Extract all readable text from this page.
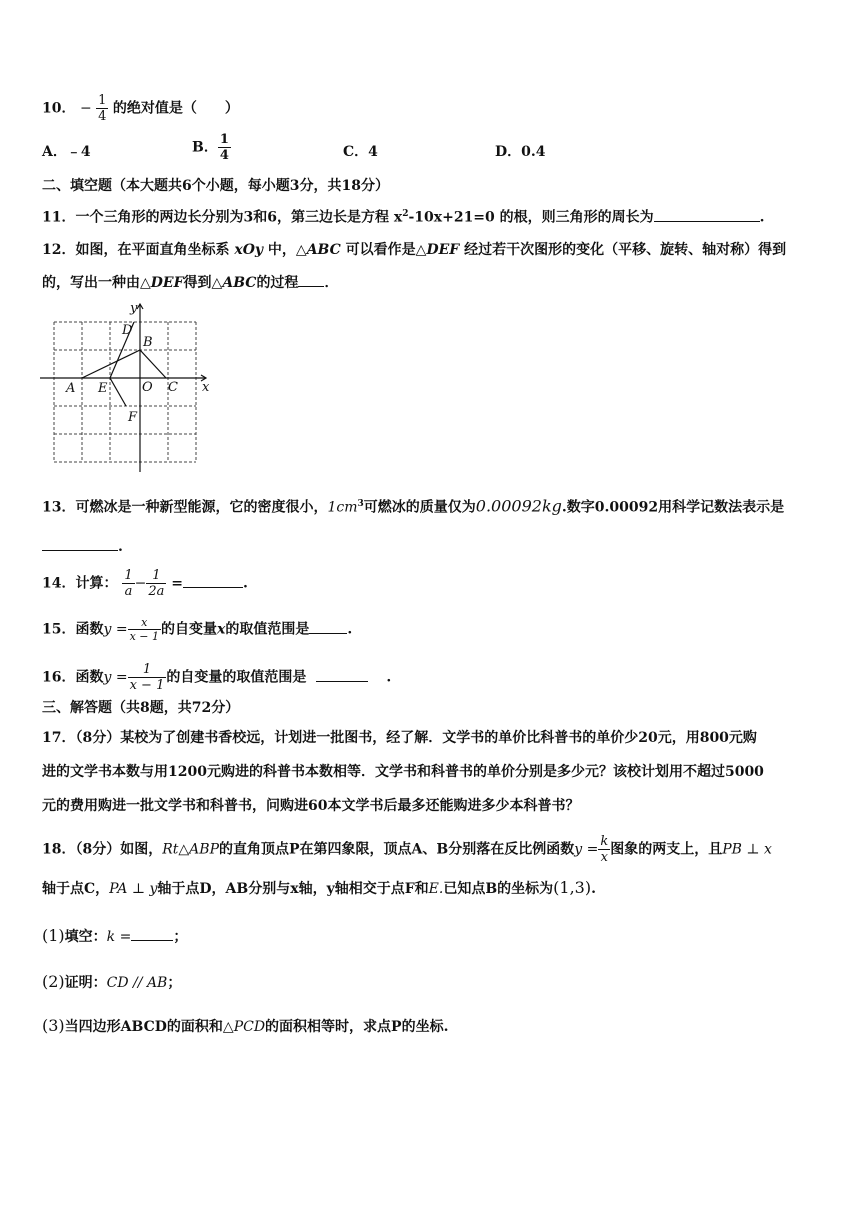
10． − $\frac{1}{4}$ 的绝对值是（　　）
A．﹣4	B． $\frac{1}{4}$	C．4	D．0.4
二、填空题（本大题共6个小题，每小题3分，共18分）
11．一个三角形的两边长分别为3和6，第三边长是方程 $x^2-10x+21=0$ 的根，则三角形的周长为	.
12．如图，在平面直角坐标系 xOy 中，△ABC 可以看作是△DEF 经过若干次图形的变化（平移、旋转、轴对称）得到
的，写出一种由△DEF得到△ABC的过程 ．
y
x
D
B
A E	O C
F
13．可燃冰是一种新型能源，它的密度很小，$1cm^3$可燃冰的质量仅为0.00092kg.数字0.00092用科学记数法表示是
.
14．计算： $\frac{1}{a} - \frac{1}{2a}$ =	.
15．函数$y = \frac{x}{x - 1}$ 的自变量x的取值范围是	.
16．函数$y = \frac{1}{x - 1}$ 的自变量的取值范围是	.
三、解答题（共8题，共72分）
17．（8分）某校为了创建书香校远，计划进一批图书，经了解．文学书的单价比科普书的单价少20元，用800元购
进的文学书本数与用1200元购进的科普书本数相等．文学书和科普书的单价分别是多少元？该校计划用不超过5000
元的费用购进一批文学书和科普书，问购进60本文学书后最多还能购进多少本科普书？
18．（8分）如图，Rt△ABP的直角顶点P在第四象限，顶点A、B分别落在反比例函数$y = \frac{k}{x}$ 图象的两支上，且PB ⊥ x
轴于点C，PA ⊥ y轴于点D，AB分别与x轴，y轴相交于点F和E.已知点B的坐标为(1,3).
(1)填空：k =	；
(2)证明：CD // AB；
(3)当四边形ABCD的面积和△PCD的面积相等时，求点P的坐标.
